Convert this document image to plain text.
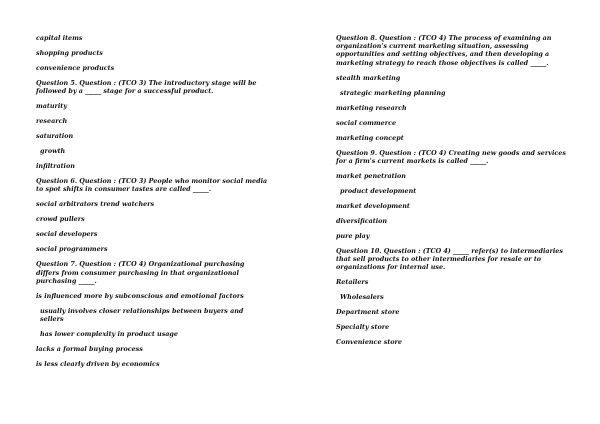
capital items
shopping products
convenience products
Question 5. Question : (TCO 3) The introductory stage will be followed by a _____ stage for a successful product.
maturity
research
saturation
growth
infiltration
Question 6. Question : (TCO 3) People who monitor social media to spot shifts in consumer tastes are called _____.
social arbitrators trend watchers
crowd pullers
social developers
social programmers
Question 7. Question : (TCO 4) Organizational purchasing differs from consumer purchasing in that organizational purchasing _____.
is influenced more by subconscious and emotional factors
usually involves closer relationships between buyers and sellers
has lower complexity in product usage
lacks a formal buying process
is less clearly driven by economics
Question 8. Question : (TCO 4) The process of examining an organization's current marketing situation, assessing opportunities and setting objectives, and then developing a marketing strategy to reach those objectives is called _____.
stealth marketing
strategic marketing planning
marketing research
social commerce
marketing concept
Question 9. Question : (TCO 4) Creating new goods and services for a firm's current markets is called _____.
market penetration
product development
market development
diversification
pure play
Question 10. Question : (TCO 4) _____ refer(s) to intermediaries that sell products to other intermediaries for resale or to organizations for internal use.
Retailers
Wholesalers
Department store
Specialty store
Convenience store
